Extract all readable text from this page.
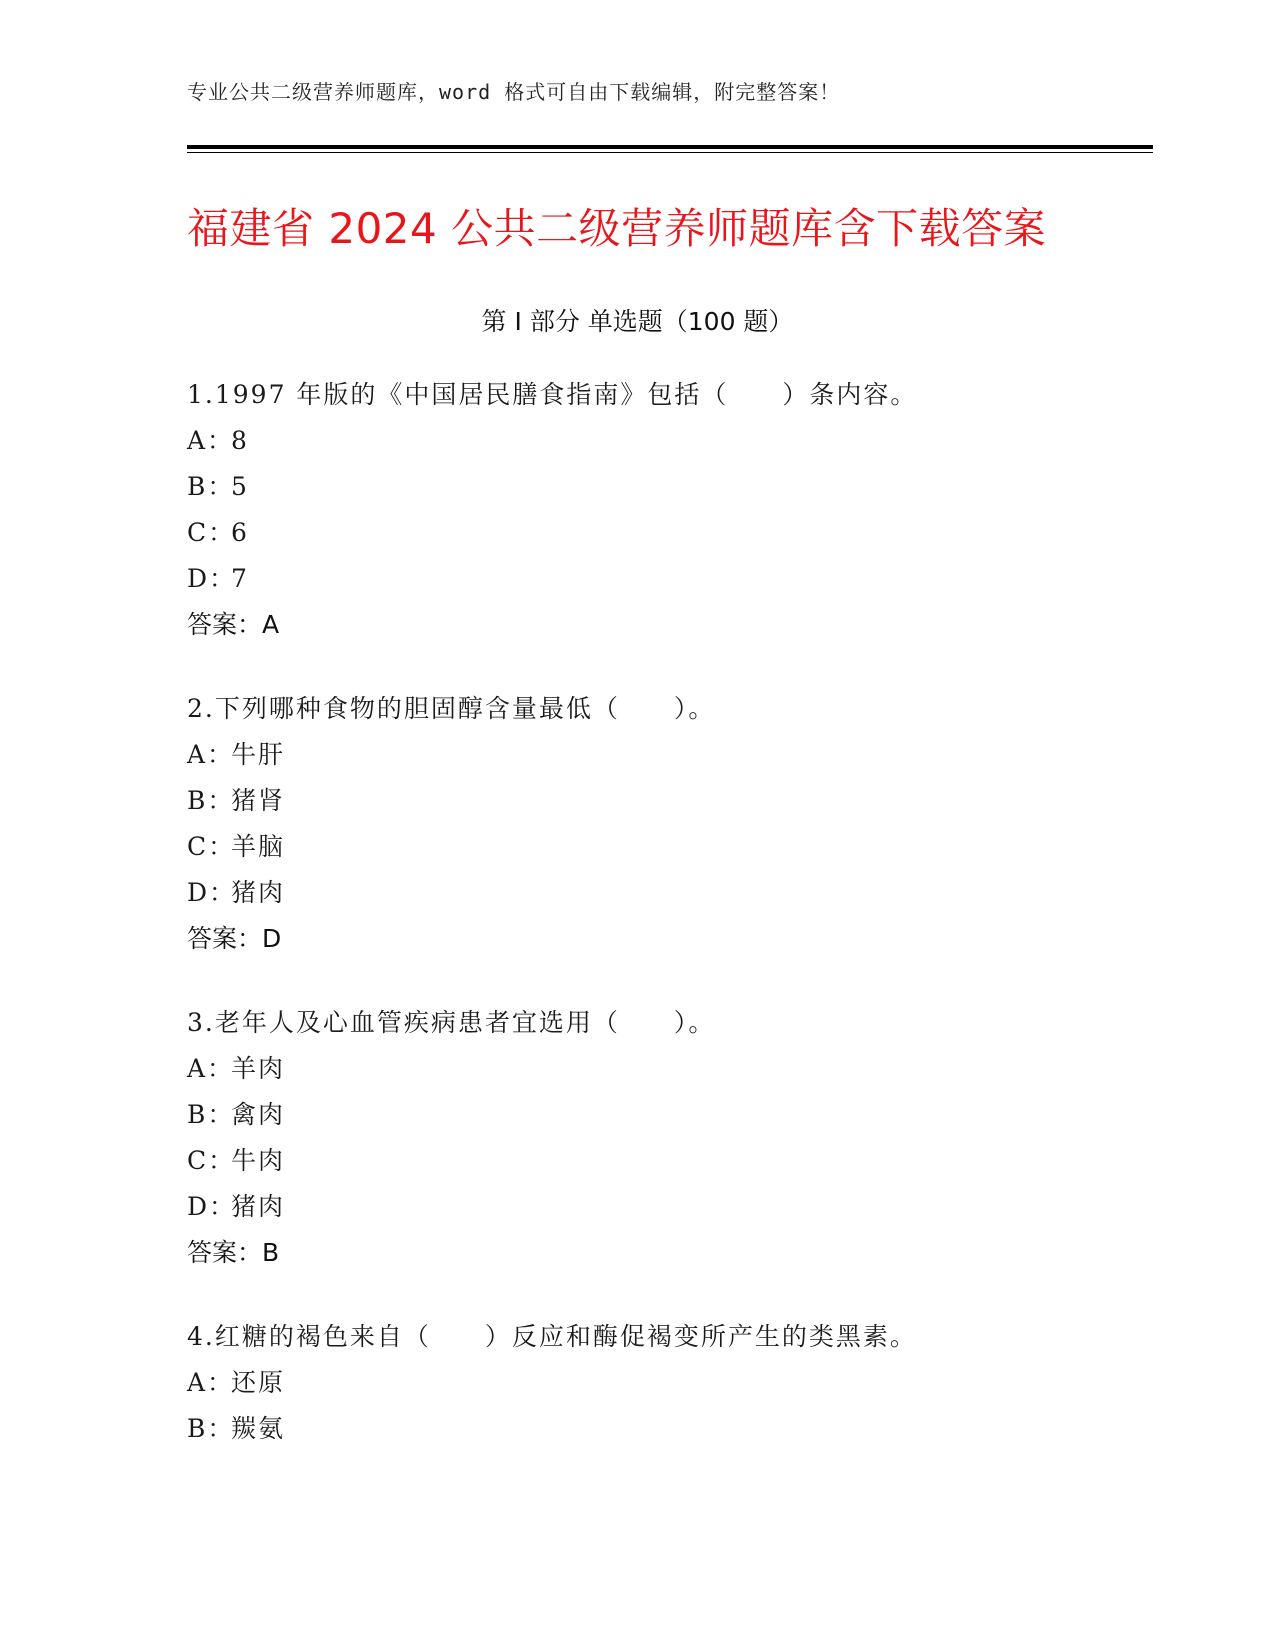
专业公共二级营养师题库，word 格式可自由下载编辑，附完整答案！
福建省 2024 公共二级营养师题库含下载答案
第 I 部分 单选题（100 题）
1.1997 年版的《中国居民膳食指南》包括（　　）条内容。
A：8
B：5
C：6
D：7
答案：A
2.下列哪种食物的胆固醇含量最低（　　）。
A：牛肝
B：猪肾
C：羊脑
D：猪肉
答案：D
3.老年人及心血管疾病患者宜选用（　　）。
A：羊肉
B：禽肉
C：牛肉
D：猪肉
答案：B
4.红糖的褐色来自（　　）反应和酶促褐变所产生的类黑素。
A：还原
B：羰氨
